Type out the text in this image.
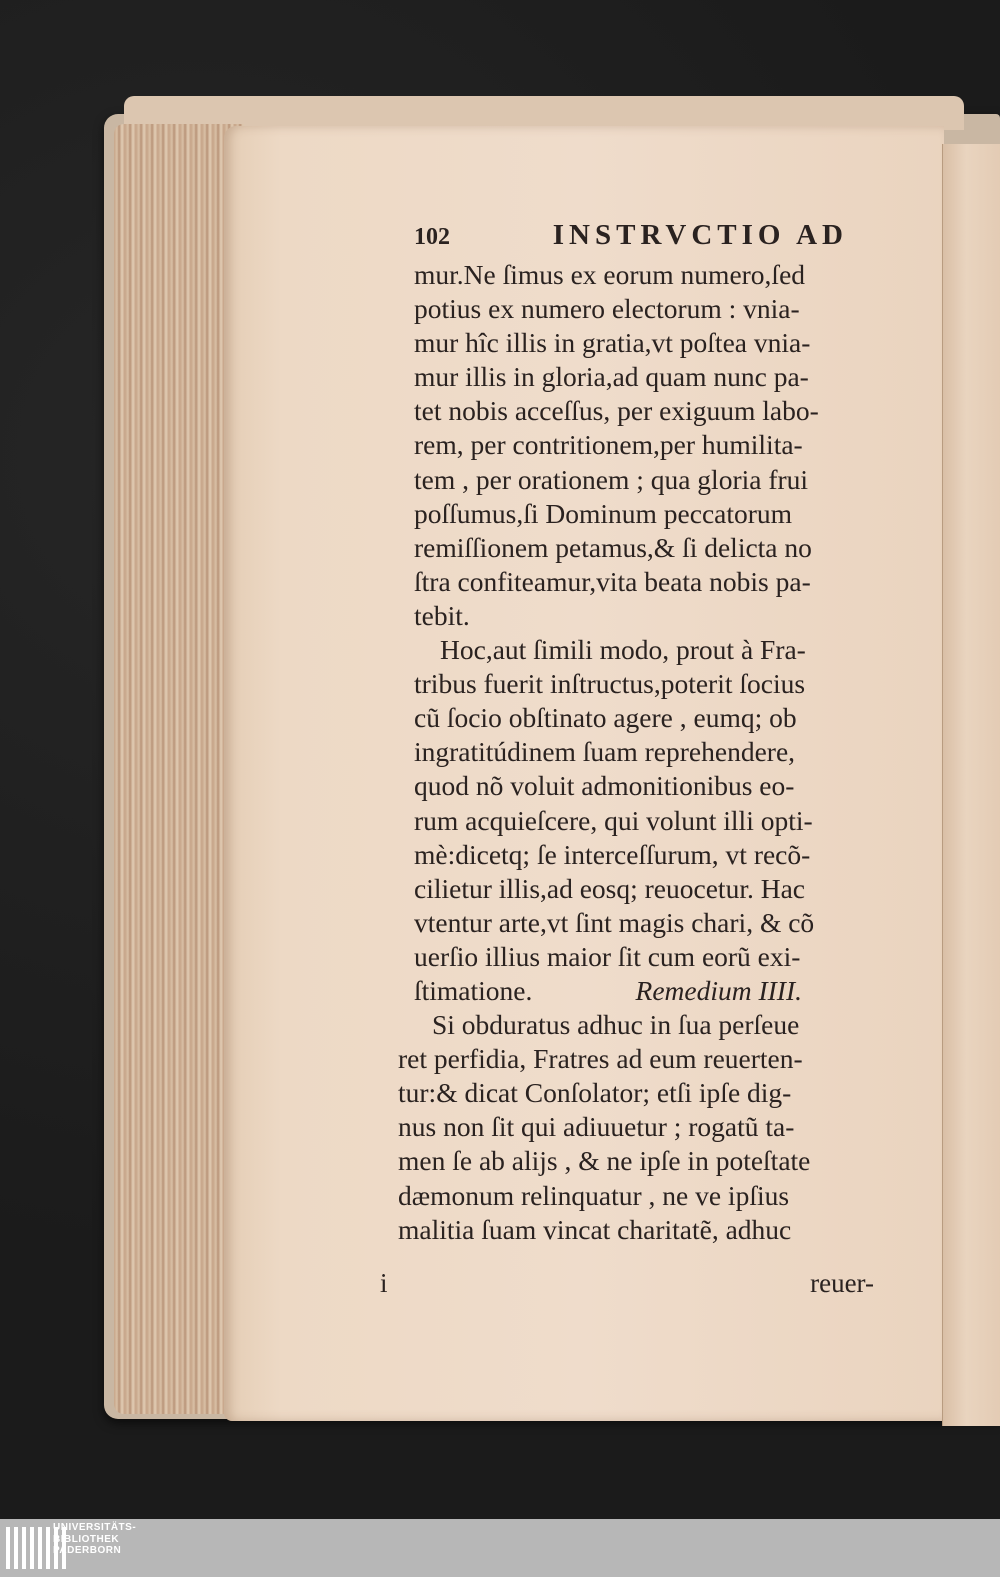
102	INSTRVCTIO AD
mur.Ne ſimus ex eorum numero,ſed
potius ex numero electorum : vnia-
mur hîc illis in gratia,vt poſtea vnia-
mur illis in gloria,ad quam nunc pa-
tet nobis acceſſus, per exiguum labo-
rem, per contritionem,per humilita-
tem , per orationem ; qua gloria frui
poſſumus,ſi Dominum peccatorum
remiſſionem petamus,& ſi delicta no
ſtra confiteamur,vita beata nobis pa-
tebit.
Hoc,aut ſimili modo, prout à Fra-
tribus fuerit inſtructus,poterit ſocius
cũ ſocio obſtinato agere , eumq; ob
ingratitúdinem ſuam reprehendere,
quod nõ voluit admonitionibus eo-
rum acquieſcere, qui volunt illi opti-
mè:dicetq; ſe interceſſurum, vt recõ-
cilietur illis,ad eosq; reuocetur. Hac
vtentur arte,vt ſint magis chari, & cõ
uerſio illius maior ſit cum eorũ exi-
ſtimatione.	Remedium IIII.
Si obduratus adhuc in ſua perſeue
ret perfidia, Fratres ad eum reuerten-
tur:& dicat Conſolator; etſi ipſe dig-
nus non ſit qui adiuuetur ; rogatũ ta-
men ſe ab alijs , & ne ipſe in poteſtate
dæmonum relinquatur , ne ve ipſius
malitia ſuam vincat charitatẽ, adhuc
i	reuer-
UNIVERSITÄTS-
BIBLIOTHEK
PADERBORN
